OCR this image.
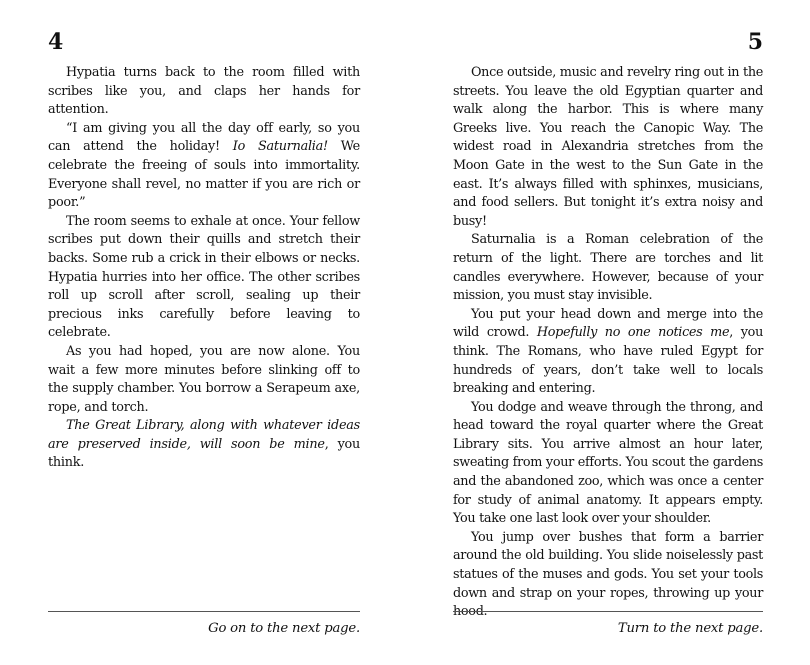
4

Hypatia turns back to the room filled with scribes like you, and claps her hands for attention.

“I am giving you all the day off early, so you can attend the holiday! Io Saturnalia! We celebrate the freeing of souls into immortality. Everyone shall revel, no matter if you are rich or poor.”

The room seems to exhale at once. Your fellow scribes put down their quills and stretch their backs. Some rub a crick in their elbows or necks. Hypatia hurries into her office. The other scribes roll up scroll after scroll, sealing up their precious inks carefully before leaving to celebrate.

As you had hoped, you are now alone. You wait a few more minutes before slinking off to the supply chamber. You borrow a Serapeum axe, rope, and torch.

The Great Library, along with whatever ideas are preserved inside, will soon be mine, you think.

Go on to the next page.
5

Once outside, music and revelry ring out in the streets. You leave the old Egyptian quarter and walk along the harbor. This is where many Greeks live. You reach the Canopic Way. The widest road in Alexandria stretches from the Moon Gate in the west to the Sun Gate in the east. It’s always filled with sphinxes, musicians, and food sellers. But tonight it’s extra noisy and busy!

Saturnalia is a Roman celebration of the return of the light. There are torches and lit candles everywhere. However, because of your mission, you must stay invisible.

You put your head down and merge into the wild crowd. Hopefully no one notices me, you think. The Romans, who have ruled Egypt for hundreds of years, don’t take well to locals breaking and entering.

You dodge and weave through the throng, and head toward the royal quarter where the Great Library sits. You arrive almost an hour later, sweating from your efforts. You scout the gardens and the abandoned zoo, which was once a center for study of animal anatomy. It appears empty. You take one last look over your shoulder.

You jump over bushes that form a barrier around the old building. You slide noiselessly past statues of the muses and gods. You set your tools down and strap on your ropes, throwing up your hood.

Turn to the next page.
